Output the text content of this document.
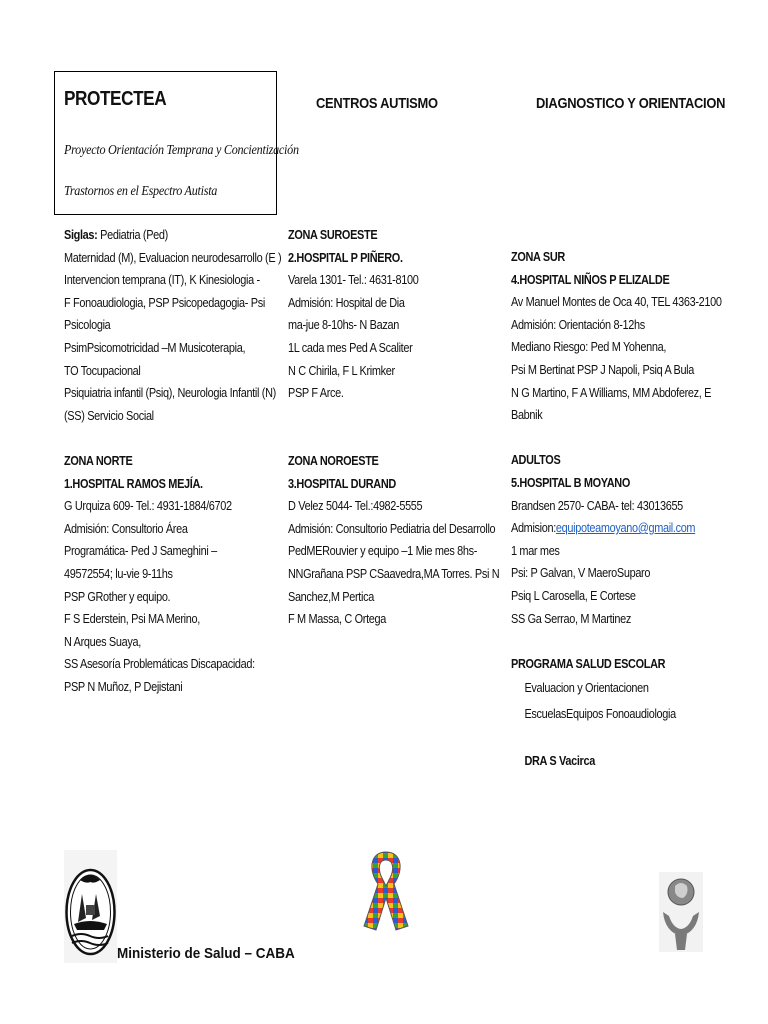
PROTECTEA
Proyecto Orientación Temprana y Concientización
Trastornos en el Espectro Autista
CENTROS AUTISMO	DIAGNOSTICO Y ORIENTACION
Siglas: Pediatria (Ped)
Maternidad (M), Evaluacion neurodesarrollo (E )
Intervencion temprana (IT), K Kinesiologia -
F Fonoaudiologia, PSP Psicopedagogia- Psi
Psicologia
PsimPsicomotricidad –M Musicoterapia,
TO Tocupacional
Psiquiatria infantil (Psiq), Neurologia Infantil (N)
(SS) Servicio Social
ZONA NORTE
1.HOSPITAL RAMOS MEJÍA.
G Urquiza 609- Tel.: 4931-1884/6702
Admisión: Consultorio Área
Programática- Ped J Sameghini –
49572554; lu-vie 9-11hs
PSP GRother y equipo.
F S Ederstein, Psi MA Merino,
N Arques Suaya,
SS Asesoría Problemáticas Discapacidad:
PSP N Muñoz, P Dejistani
ZONA SUROESTE
2.HOSPITAL P PIÑERO.
Varela 1301- Tel.: 4631-8100
Admisión: Hospital de Dia
ma-jue 8-10hs- N Bazan
1L cada mes Ped A Scaliter
N C Chirila, F L Krimker
PSP F Arce.
ZONA NOROESTE
3.HOSPITAL DURAND
D Velez 5044- Tel.:4982-5555
Admisión: Consultorio Pediatria del Desarrollo
PedMERouvier y equipo –1 Mie mes 8hs-
NNGrañana PSP CSaavedra,MA Torres. Psi N
Sanchez,M Pertica
F M Massa, C Ortega
ZONA SUR
4.HOSPITAL NIÑOS P ELIZALDE
Av Manuel Montes de Oca 40, TEL 4363-2100
Admisión: Orientación 8-12hs
Mediano Riesgo: Ped M Yohenna,
Psi M Bertinat PSP J Napoli, Psiq A Bula
N G Martino, F A Williams, MM Abdoferez, E
Babnik
ADULTOS
5.HOSPITAL B MOYANO
Brandsen 2570- CABA- tel: 43013655
Admision:equipoteamoyano@gmail.com
1 mar mes
Psi: P Galvan, V MaeroSuparo
Psiq L Carosella, E Cortese
SS Ga Serrao, M Martinez
PROGRAMA SALUD ESCOLAR
Evaluacion y Orientacionen
EscuelasEquipos Fonoaudiologia
DRA S Vacirca
Ministerio de Salud – CABA
